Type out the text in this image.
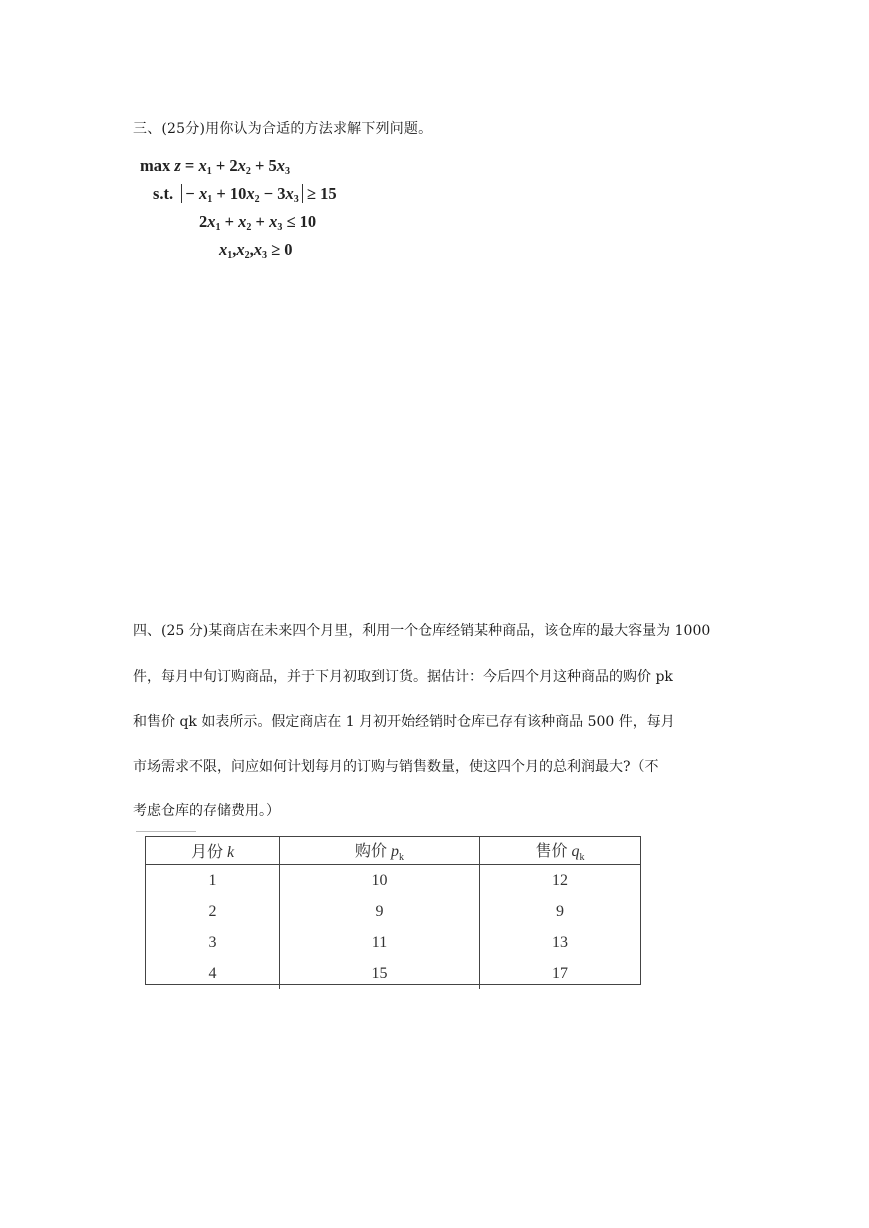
三、(25分)用你认为合适的方法求解下列问题。
$\max z = x_1 + 2x_2 + 5x_3$
s.t. − $x_1 + 10x_2 - 3x_3 \ge 15$
$2x_1 + x_2 + x_3 \le 10$
$x_1,x_2,x_3 \ge 0$
四、(25 分)某商店在未来四个月里，利用一个仓库经销某种商品，该仓库的最大容量为 1000
件，每月中旬订购商品，并于下月初取到订货。据估计：今后四个月这种商品的购价 pk
和售价 qk 如表所示。假定商店在 1 月初开始经销时仓库已存有该种商品 500 件，每月
市场需求不限，问应如何计划每月的订购与销售数量，使这四个月的总利润最大?（不
考虑仓库的存储费用。）
月份 k	购价 $p_k$	售价 $q_k$
1	10	12
2	9	9
3	11	13
4	15	17
